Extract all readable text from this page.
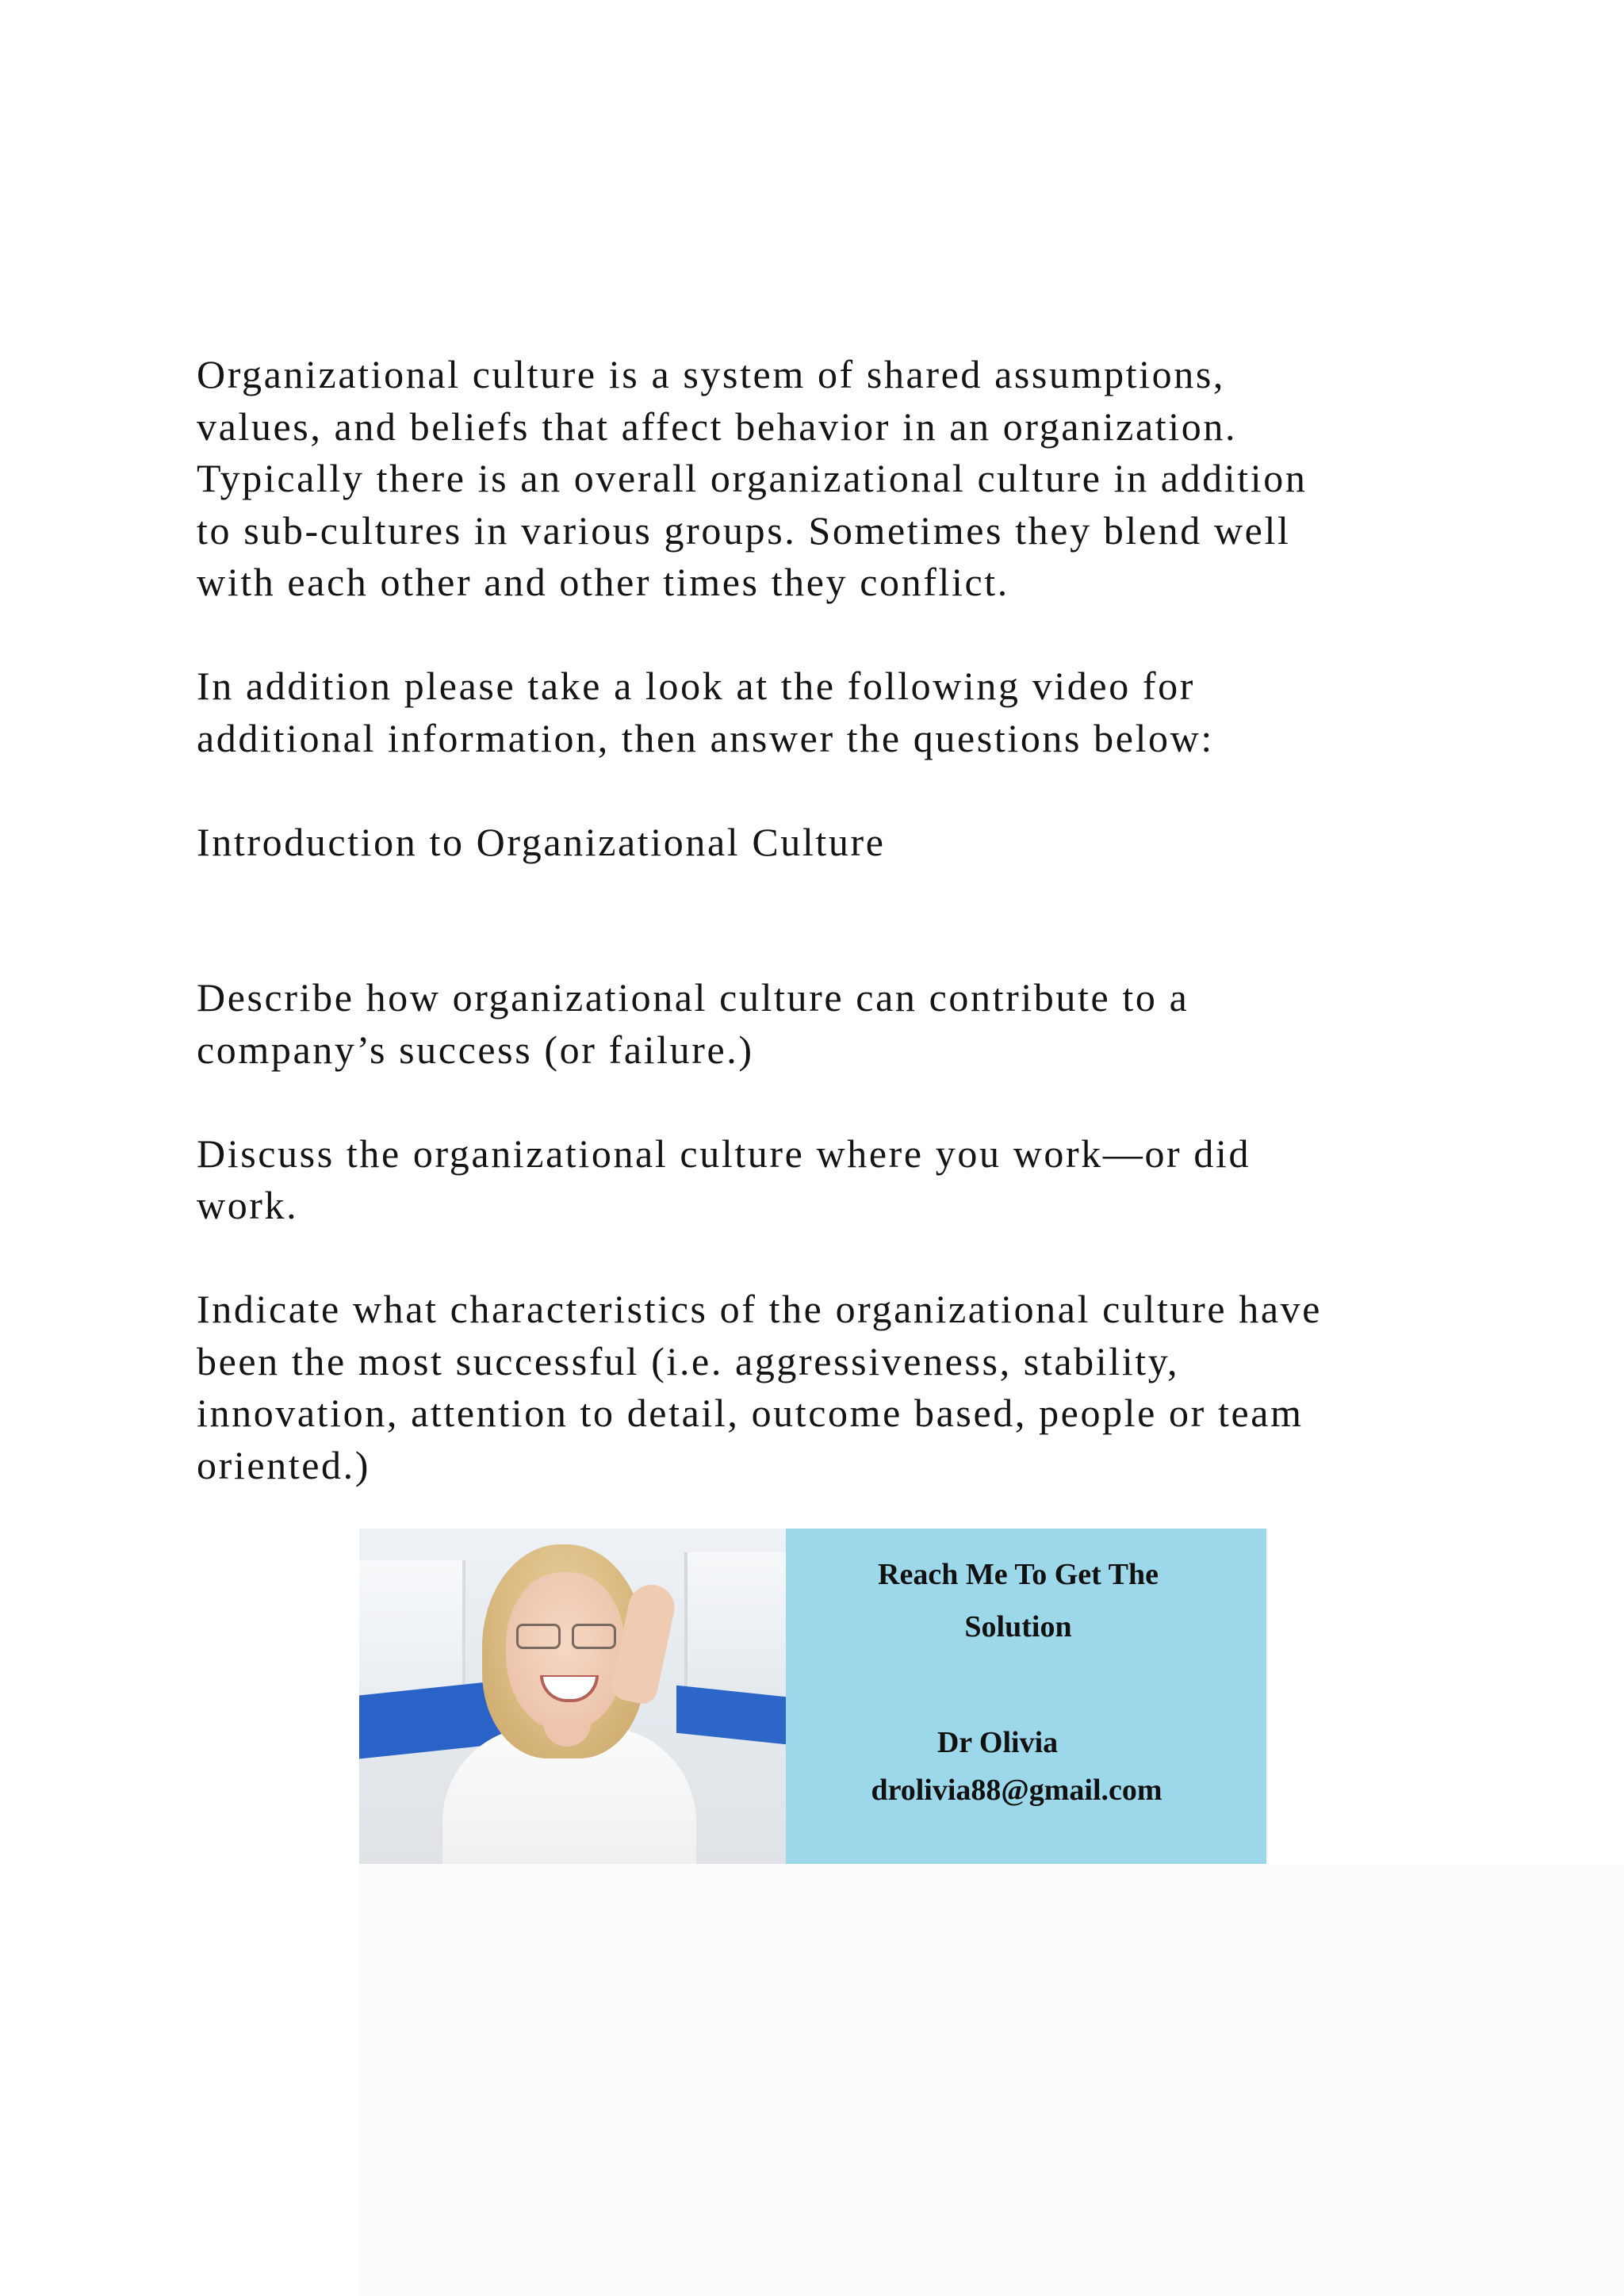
Organizational culture is a system of shared assumptions,
values, and beliefs that affect behavior in an organization.
Typically there is an overall organizational culture in addition
to sub-cultures in various groups. Sometimes they blend well
with each other and other times they conflict.

In addition please take a look at the following video for
additional information, then answer the questions below:

Introduction to Organizational Culture

Describe how organizational culture can contribute to a
company’s success (or failure.)

Discuss the organizational culture where you work—or did
work.

Indicate what characteristics of the organizational culture have
been the most successful (i.e. aggressiveness, stability,
innovation, attention to detail, outcome based, people or team
oriented.)

Reach Me To Get The
Solution
Dr Olivia
drolivia88@gmail.com
